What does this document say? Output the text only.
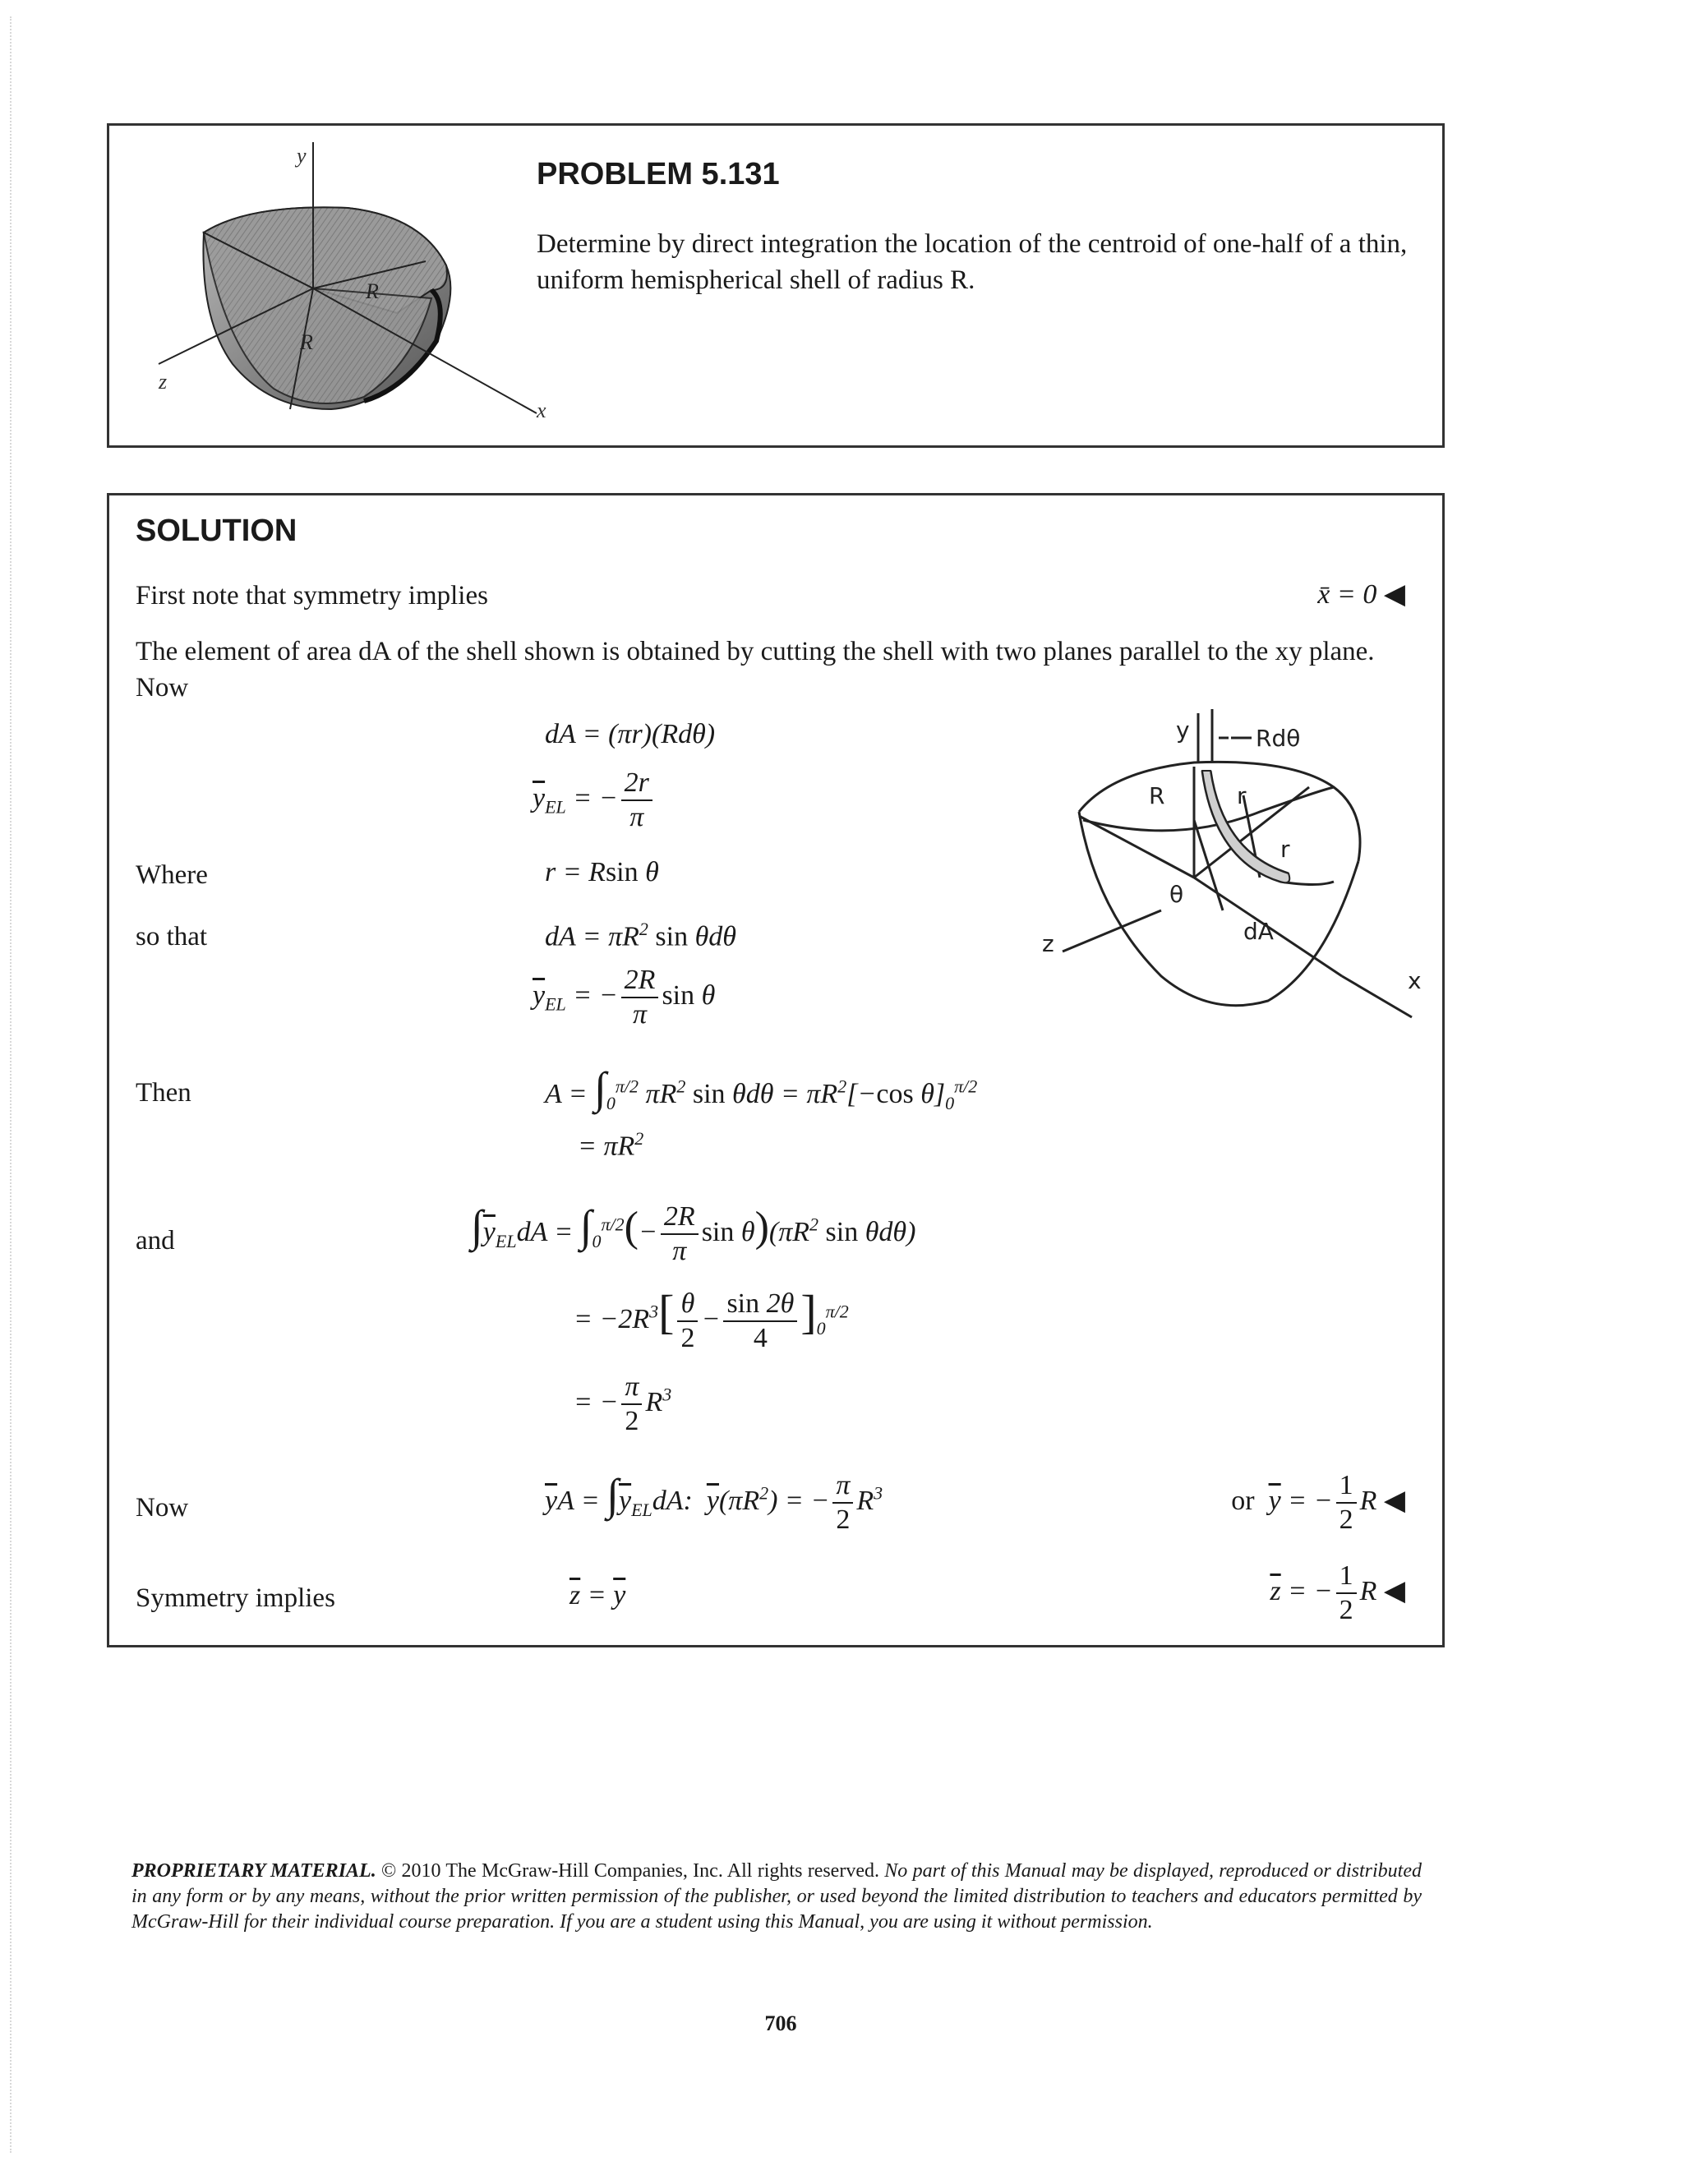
y
x
z
R
R
PROBLEM 5.131
Determine by direct integration the location of the centroid of one-half of a thin, uniform hemispherical shell of radius R.
SOLUTION
First note that symmetry implies	x̄ = 0 ◀
The element of area dA of the shell shown is obtained by cutting the shell with two planes parallel to the xy plane. Now
dA = (πr)(Rdθ)
$\overline{y}_{EL}$ = − $\frac{2r}{\pi}$
Where	r = Rsin θ
so that	dA = $\pi R^2$ sin θdθ
$\overline{y}_{EL}$ = − $\frac{2R}{\pi}$ sin θ
Then	$A = \int_0^{\pi/2}$ $\pi R^2$ $\sin \theta d\theta = \pi R^2[-\cos$ $\theta]_0^{\pi/2}$
= $\pi R^2$
and	$\int\overline{y}_{EL}dA = \int_0^{\pi/2}(- \frac{2R}{\pi}$ $\sin \theta)(\pi R^2$ sin θdθ)
= $-2R^3[ \frac{\theta}{2} - \frac{\sin 2\theta}{4} ]_0^{\pi/2}$
= − $\frac{\pi}{2} R^3$
Now	$\overline{y}A = \int\overline{y}_{EL}dA$:  $\overline{y}(\pi R^2)$ = − $\frac{\pi}{2} R^3$	or $\overline{y}$ = − $\frac{1}{2}$ R ◀
Symmetry implies	$\overline{z} = \overline{y}$	$\overline{z}$ = − $\frac{1}{2}$ R ◀
y	Rdθ
R	r
r
θ
dA
z
x
PROPRIETARY MATERIAL. © 2010 The McGraw-Hill Companies, Inc. All rights reserved. No part of this Manual may be displayed, reproduced or distributed in any form or by any means, without the prior written permission of the publisher, or used beyond the limited distribution to teachers and educators permitted by McGraw-Hill for their individual course preparation. If you are a student using this Manual, you are using it without permission.
706
